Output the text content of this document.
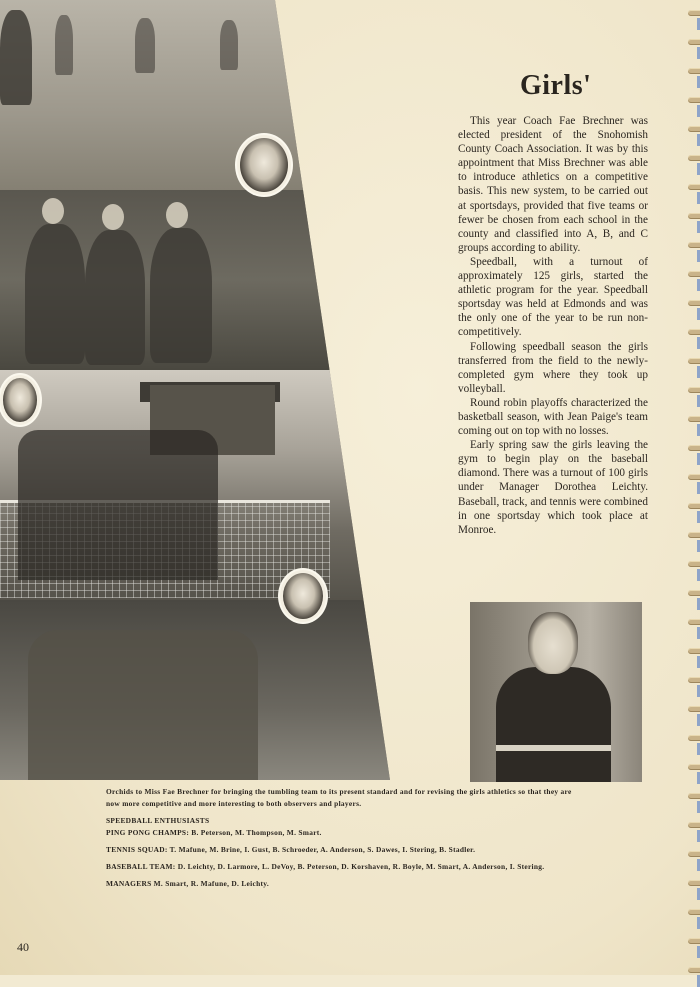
Girls'

This year Coach Fae Brechner was elected president of the Snohomish County Coach Association. It was by this appointment that Miss Brechner was able to introduce athletics on a competitive basis. This new system, to be carried out at sportsdays, provided that five teams or fewer be chosen from each school in the county and classified into A, B, and C groups according to ability.

Speedball, with a turnout of approximately 125 girls, started the athletic program for the year. Speedball sportsday was held at Edmonds and was the only one of the year to be run non-competitively.

Following speedball season the girls transferred from the field to the newly-completed gym where they took up volleyball.

Round robin playoffs characterized the basketball season, with Jean Paige's team coming out on top with no losses.

Early spring saw the girls leaving the gym to begin play on the baseball diamond. There was a turnout of 100 girls under Manager Dorothea Leichty. Baseball, track, and tennis were combined in one sportsday which took place at Monroe.

Orchids to Miss Fae Brechner for bringing the tumbling team to its present standard and for revising the girls athletics so that they are now more competitive and more interesting to both observers and players.

SPEEDBALL ENTHUSIASTS

PING PONG CHAMPS: B. Peterson, M. Thompson, M. Smart.

TENNIS SQUAD: T. Mafune, M. Brine, I. Gust, B. Schroeder, A. Anderson, S. Dawes, I. Stering, B. Stadler.

BASEBALL TEAM: D. Leichty, D. Larmore, L. DeVoy, B. Peterson, D. Korshaven, R. Boyle, M. Smart, A. Anderson, I. Stering.

MANAGERS M. Smart, R. Mafune, D. Leichty.

40
